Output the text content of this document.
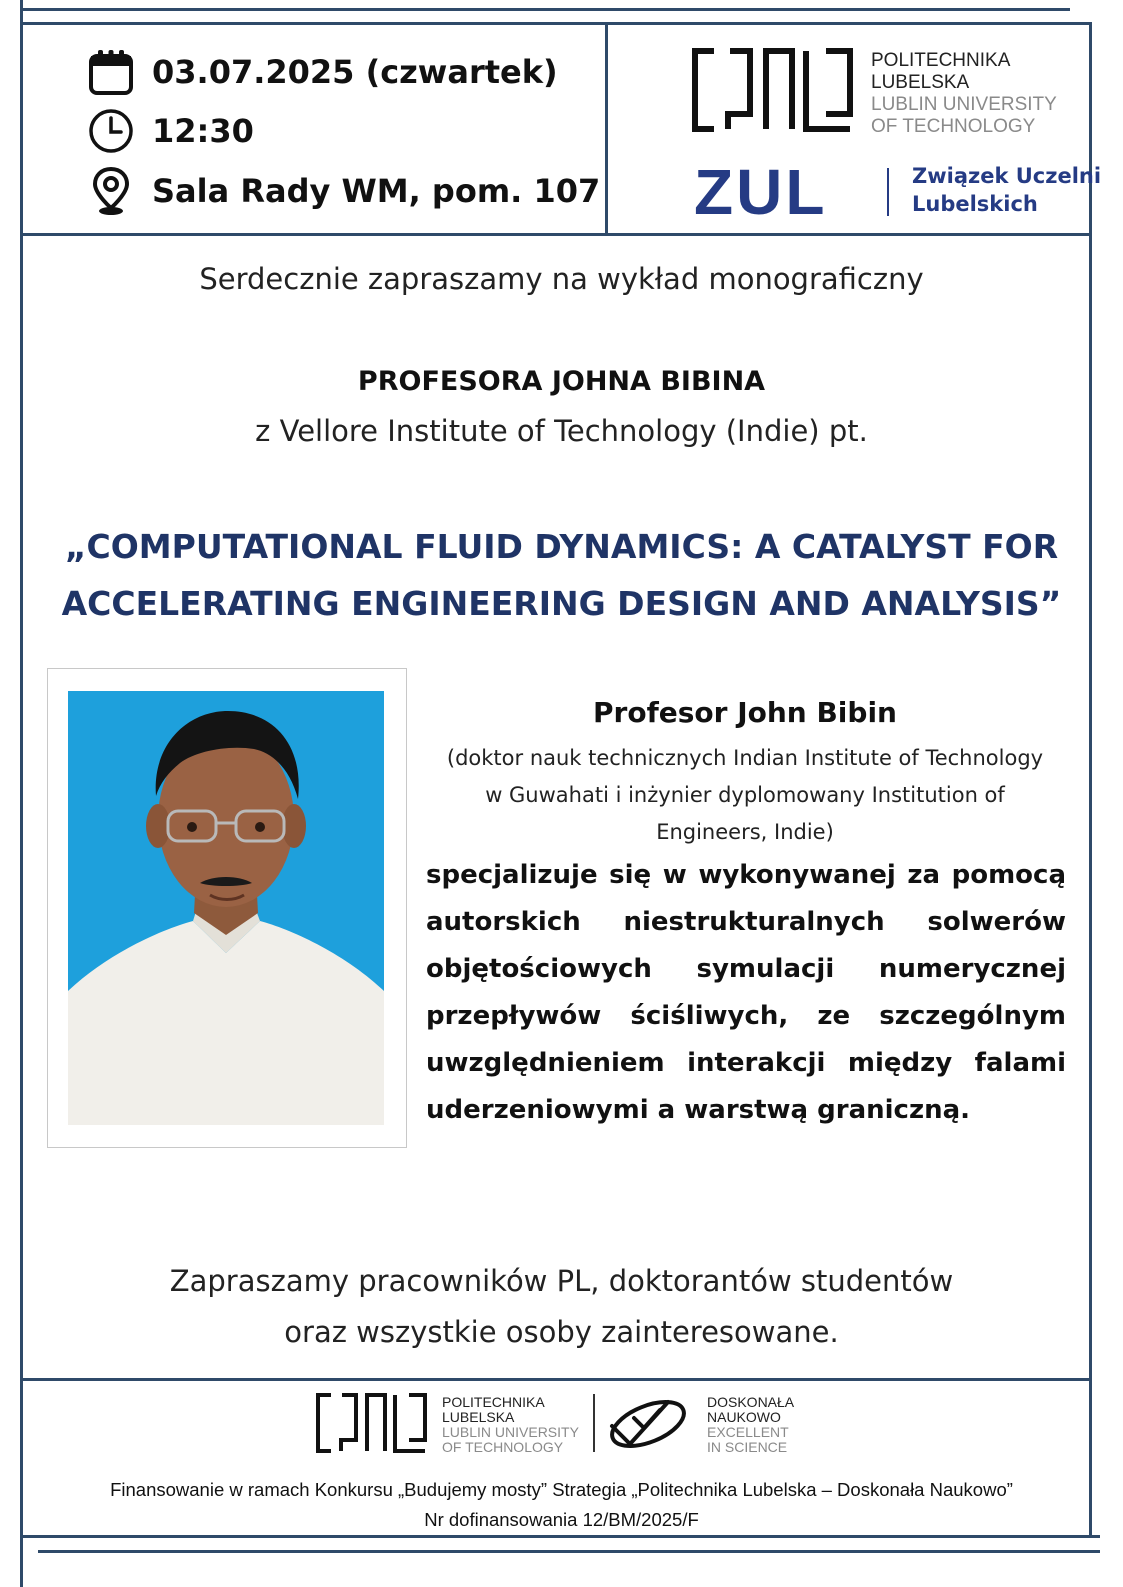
03.07.2025 (czwartek)
12:30
Sala Rady WM, pom. 107
POLITECHNIKA
LUBELSKA
LUBLIN UNIVERSITY
OF TECHNOLOGY
ZUL	Związek Uczelni
Lubelskich
Serdecznie zapraszamy na wykład monograficzny
PROFESORA JOHNA BIBINA
z Vellore Institute of Technology (Indie) pt.
„COMPUTATIONAL FLUID DYNAMICS: A CATALYST FOR
ACCELERATING ENGINEERING DESIGN AND ANALYSIS”
Profesor John Bibin
(doktor nauk technicznych Indian Institute of Technology
w Guwahati i inżynier dyplomowany Institution of
Engineers, Indie)
specjalizuje się w wykonywanej za pomocą autorskich niestrukturalnych solwerów objętościowych symulacji numerycznej przepływów ściśliwych, ze szczególnym uwzględnieniem interakcji między falami uderzeniowymi a warstwą graniczną.
Zapraszamy pracowników PL, doktorantów studentów
oraz wszystkie osoby zainteresowane.
POLITECHNIKA
LUBELSKA
LUBLIN UNIVERSITY
OF TECHNOLOGY
DOSKONAŁA
NAUKOWO
EXCELLENT
IN SCIENCE
Finansowanie w ramach Konkursu „Budujemy mosty” Strategia „Politechnika Lubelska – Doskonała Naukowo”
Nr dofinansowania 12/BM/2025/F
